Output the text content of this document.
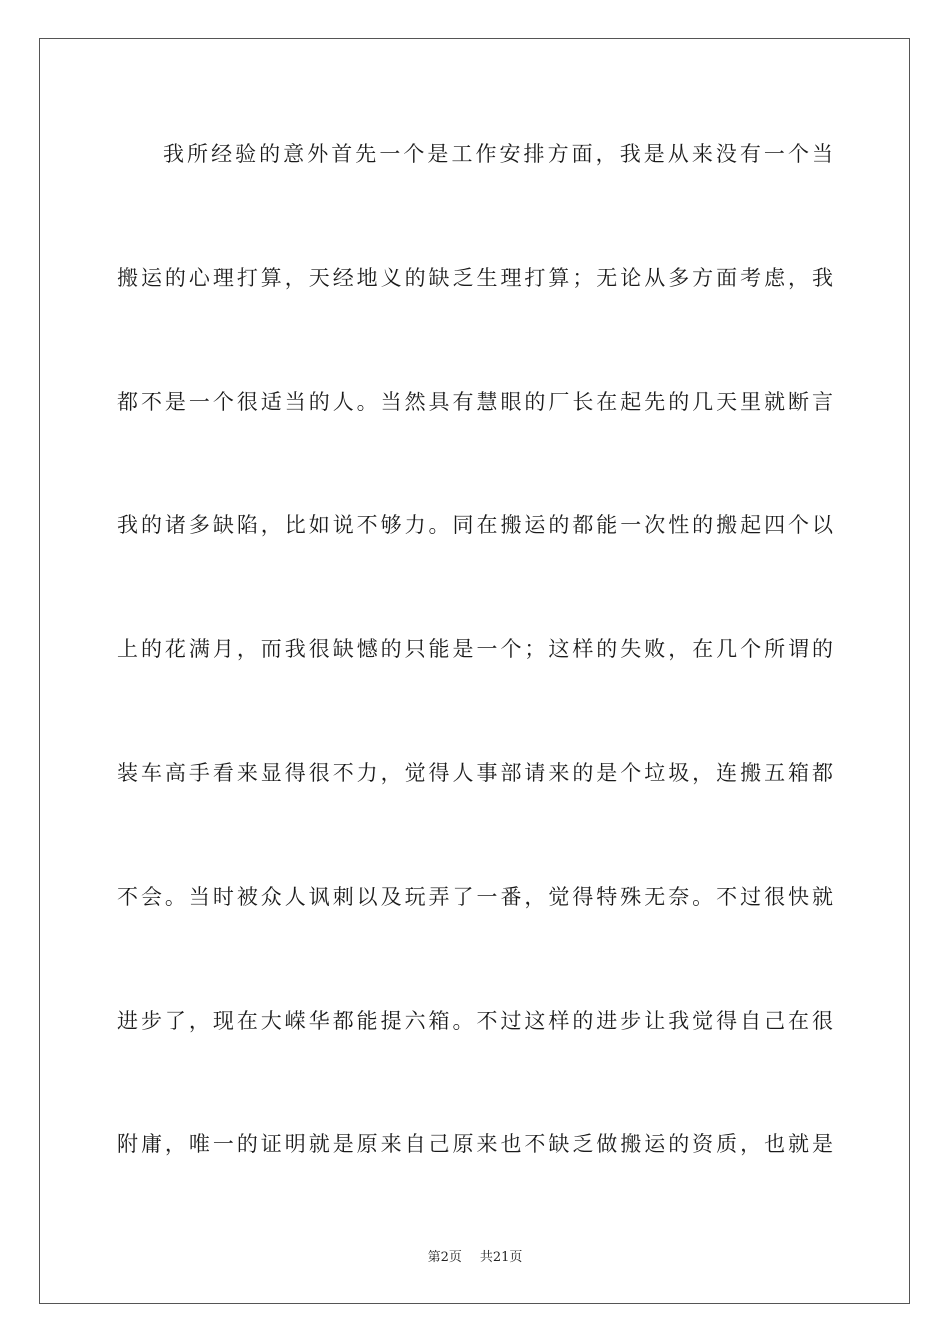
我所经验的意外首先一个是工作安排方面，我是从来没有一个当
搬运的心理打算，天经地义的缺乏生理打算；无论从多方面考虑，我
都不是一个很适当的人。当然具有慧眼的厂长在起先的几天里就断言
我的诸多缺陷，比如说不够力。同在搬运的都能一次性的搬起四个以
上的花满月，而我很缺憾的只能是一个；这样的失败，在几个所谓的
装车高手看来显得很不力，觉得人事部请来的是个垃圾，连搬五箱都
不会。当时被众人讽刺以及玩弄了一番，觉得特殊无奈。不过很快就
进步了，现在大嵘华都能提六箱。不过这样的进步让我觉得自己在很
附庸，唯一的证明就是原来自己原来也不缺乏做搬运的资质，也就是
第2页 共21页
